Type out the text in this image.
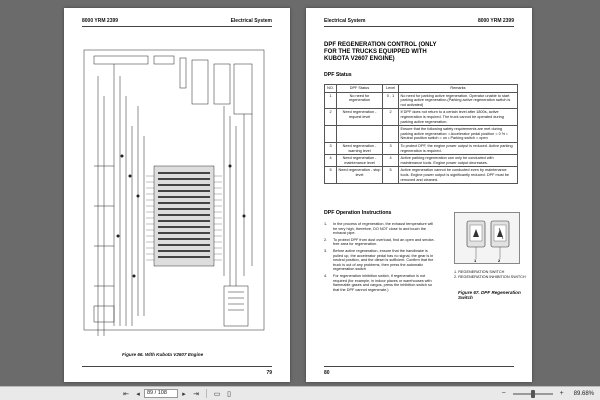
8000 YRM 2399	Electrical System
Figure 66. With Kubota V2607 Engine
79
Electrical System	8000 YRM 2399
DPF REGENERATION CONTROL (ONLY
FOR THE TRUCKS EQUIPPED WITH
KUBOTA V2607 ENGINE)
DPF Status
NO.	DPF Status	Level	Remarks
1	No need for regeneration	0 , 1	No need for parking active regeneration. Operator unable to start parking active regeneration.(Parking active regeneration switch is not activated)
2	Need regeneration - request level	2	If DPF does not return to a certain level after 1800s, active regeneration is required. The truck cannot be operated during parking active regeneration.
			Ensure that the following safety requirements are met during parking active regeneration: • Accelerator pedal position = 0 % • Neutral position switch = on • Parking switch = open
3	Need regeneration - warning level	3	To protect DPF, the engine power output is reduced. Active parking regeneration is required.
4	Need regeneration - maintenance level	4	Active parking regeneration can only be conducted with maintenance tools. Engine power output decreases.
5	Need regeneration - stop level	5	Active regeneration cannot be conducted even by maintenance tools. Engine power output is significantly reduced. DPF must be removed and cleaned.
DPF Operation Instructions
1.	In the process of regeneration, the exhaust temperature will be very high, therefore, DO NOT close to and touch the exhaust pipe.
2.	To protect DPF from dust overload, find an open and smoke-free area for regeneration.
3.	Before active regeneration, ensure that the handbrake is pulled up, the accelerator pedal has no signal, the gear is in neutral position, and the diesel is sufficient. Confirm that the truck is out of any problems, then press the automatic regeneration switch
4.	For regeneration inhibition switch, if regeneration is not required (for example, in indoor places or warehouses with flammable gases and cargos, press the inhibition switch so that the DPF cannot regenerate.)
1	2
1. REGENERATION SWITCH
2. REGENERATION INHIBITION SWITCH
Figure 67. DPF Regeneration Switch
80
⇤	◂	89 / 108	▸	⇥	▭ ▯	−	+	89.68%
